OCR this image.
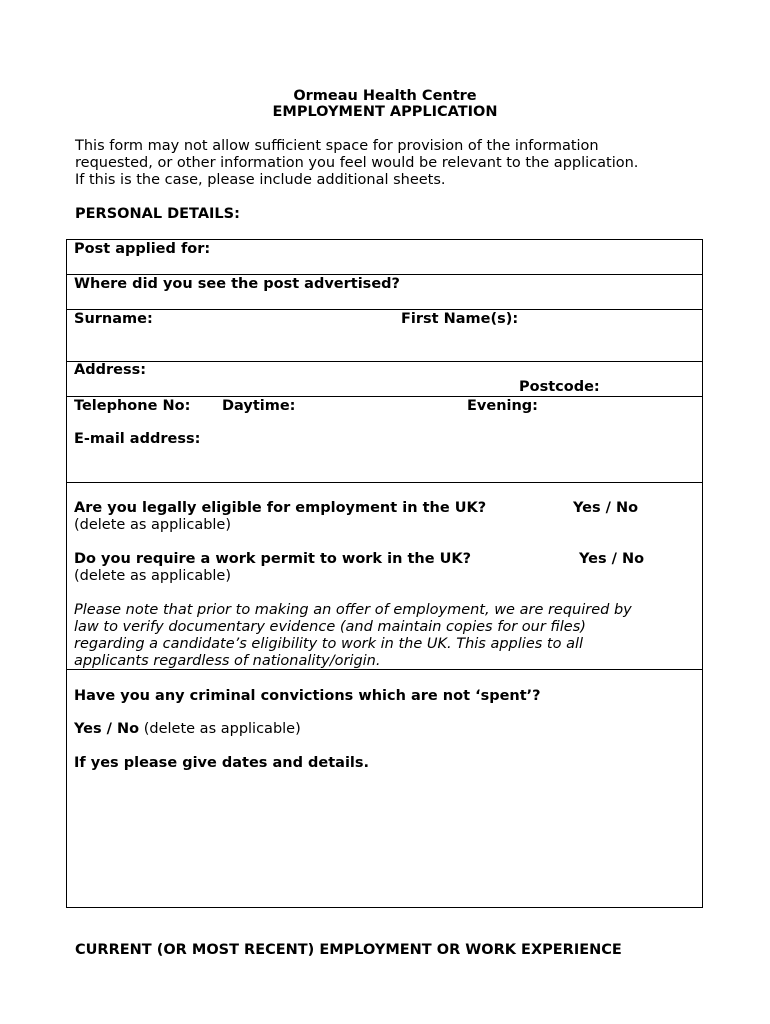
Ormeau Health Centre
EMPLOYMENT APPLICATION
This form may not allow sufficient space for provision of the information
requested, or other information you feel would be relevant to the application.
If this is the case, please include additional sheets.
PERSONAL DETAILS:
Post applied for:
Where did you see the post advertised?
Surname:	First Name(s):
Address:
Postcode:
Telephone No: Daytime:	Evening:
E-mail address:
Are you legally eligible for employment in the UK?	Yes / No
(delete as applicable)
Do you require a work permit to work in the UK?	Yes / No
(delete as applicable)
Please note that prior to making an offer of employment, we are required by
law to verify documentary evidence (and maintain copies for our files)
regarding a candidate’s eligibility to work in the UK. This applies to all
applicants regardless of nationality/origin.
Have you any criminal convictions which are not ‘spent’?
Yes / No (delete as applicable)
If yes please give dates and details.
CURRENT (OR MOST RECENT) EMPLOYMENT OR WORK EXPERIENCE
